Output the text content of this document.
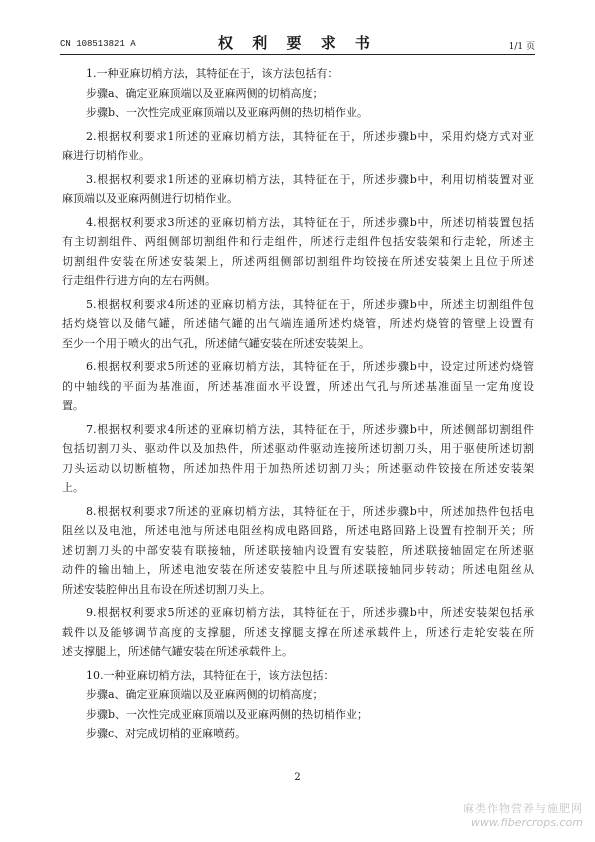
CN 108513821 A	权 利 要 求 书	1/1 页
1.一种亚麻切梢方法，其特征在于，该方法包括有：
步骤a、确定亚麻顶端以及亚麻两侧的切梢高度；
步骤b、一次性完成亚麻顶端以及亚麻两侧的热切梢作业。
2.根据权利要求1所述的亚麻切梢方法，其特征在于，所述步骤b中，采用灼烧方式对亚
麻进行切梢作业。
3.根据权利要求1所述的亚麻切梢方法，其特征在于，所述步骤b中，利用切梢装置对亚
麻顶端以及亚麻两侧进行切梢作业。
4.根据权利要求3所述的亚麻切梢方法，其特征在于，所述步骤b中，所述切梢装置包括
有主切割组件、两组侧部切割组件和行走组件，所述行走组件包括安装架和行走轮，所述主
切割组件安装在所述安装架上，所述两组侧部切割组件均铰接在所述安装架上且位于所述
行走组件行进方向的左右两侧。
5.根据权利要求4所述的亚麻切梢方法，其特征在于，所述步骤b中，所述主切割组件包
括灼烧管以及储气罐，所述储气罐的出气端连通所述灼烧管，所述灼烧管的管壁上设置有
至少一个用于喷火的出气孔，所述储气罐安装在所述安装架上。
6.根据权利要求5所述的亚麻切梢方法，其特征在于，所述步骤b中，设定过所述灼烧管
的中轴线的平面为基准面，所述基准面水平设置，所述出气孔与所述基准面呈一定角度设
置。
7.根据权利要求4所述的亚麻切梢方法，其特征在于，所述步骤b中，所述侧部切割组件
包括切割刀头、驱动件以及加热件，所述驱动件驱动连接所述切割刀头，用于驱使所述切割
刀头运动以切断植物，所述加热件用于加热所述切割刀头；所述驱动件铰接在所述安装架
上。
8.根据权利要求7所述的亚麻切梢方法，其特征在于，所述步骤b中，所述加热件包括电
阻丝以及电池，所述电池与所述电阻丝构成电路回路，所述电路回路上设置有控制开关；所
述切割刀头的中部安装有联接轴，所述联接轴内设置有安装腔，所述联接轴固定在所述驱
动件的输出轴上，所述电池安装在所述安装腔中且与所述联接轴同步转动；所述电阻丝从
所述安装腔伸出且布设在所述切割刀头上。
9.根据权利要求5所述的亚麻切梢方法，其特征在于，所述步骤b中，所述安装架包括承
载件以及能够调节高度的支撑腿，所述支撑腿支撑在所述承载件上，所述行走轮安装在所
述支撑腿上，所述储气罐安装在所述承载件上。
10.一种亚麻切梢方法，其特征在于，该方法包括：
步骤a、确定亚麻顶端以及亚麻两侧的切梢高度；
步骤b、一次性完成亚麻顶端以及亚麻两侧的热切梢作业；
步骤c、对完成切梢的亚麻喷药。
2
麻类作物营养与施肥网
www.fibercrops.com
